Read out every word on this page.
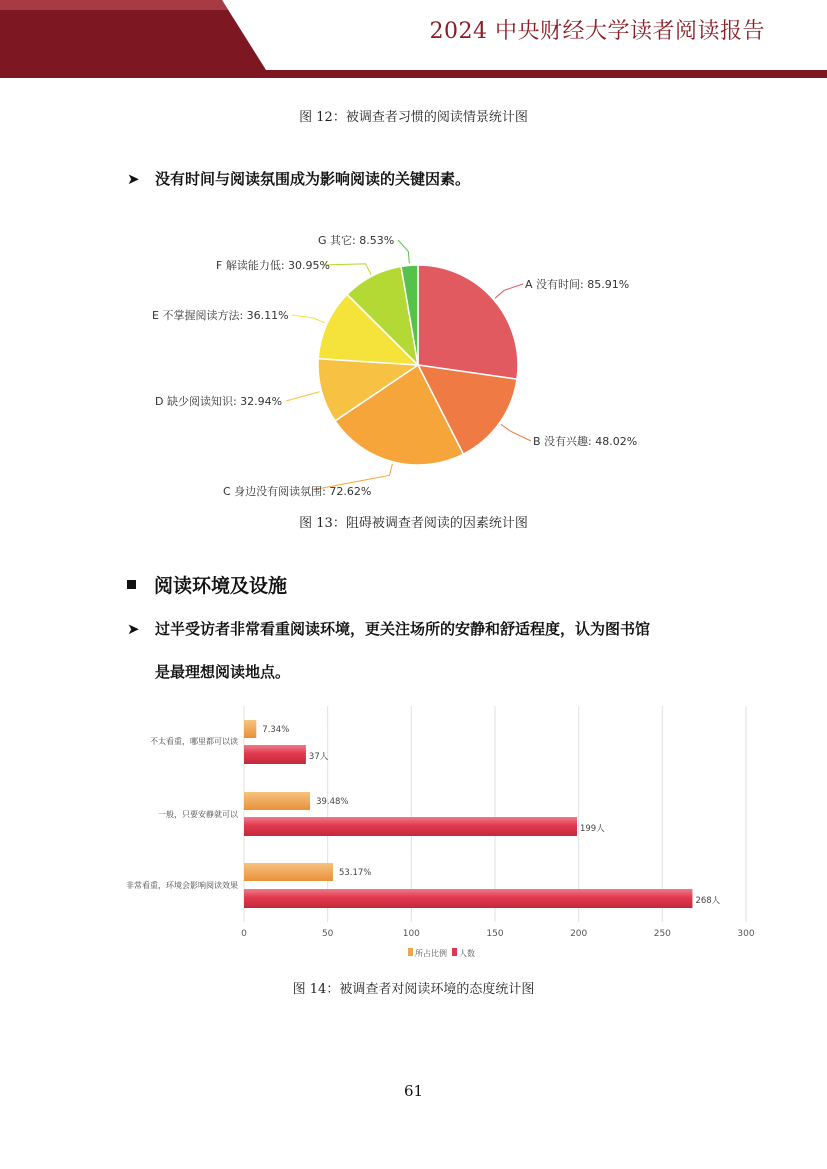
2024 中央财经大学读者阅读报告
图 12：被调查者习惯的阅读情景统计图
➤ 没有时间与阅读氛围成为影响阅读的关键因素。
A 没有时间: 85.91%
B 没有兴趣: 48.02%
C 身边没有阅读氛围: 72.62%
D 缺少阅读知识: 32.94%
E 不掌握阅读方法: 36.11%
F 解读能力低: 30.95%
G 其它: 8.53%
图 13：阻碍被调查者阅读的因素统计图
阅读环境及设施
➤ 过半受访者非常看重阅读环境，更关注场所的安静和舒适程度，认为图书馆
是最理想阅读地点。
0	50	100	150	200	250	300
不太看重，哪里都可以读
一般，只要安静就可以
非常看重，环境会影响阅读效果
7.34%
39.48%
53.17%
37人
199人
268人
所占比例 人数
图 14：被调查者对阅读环境的态度统计图
61
